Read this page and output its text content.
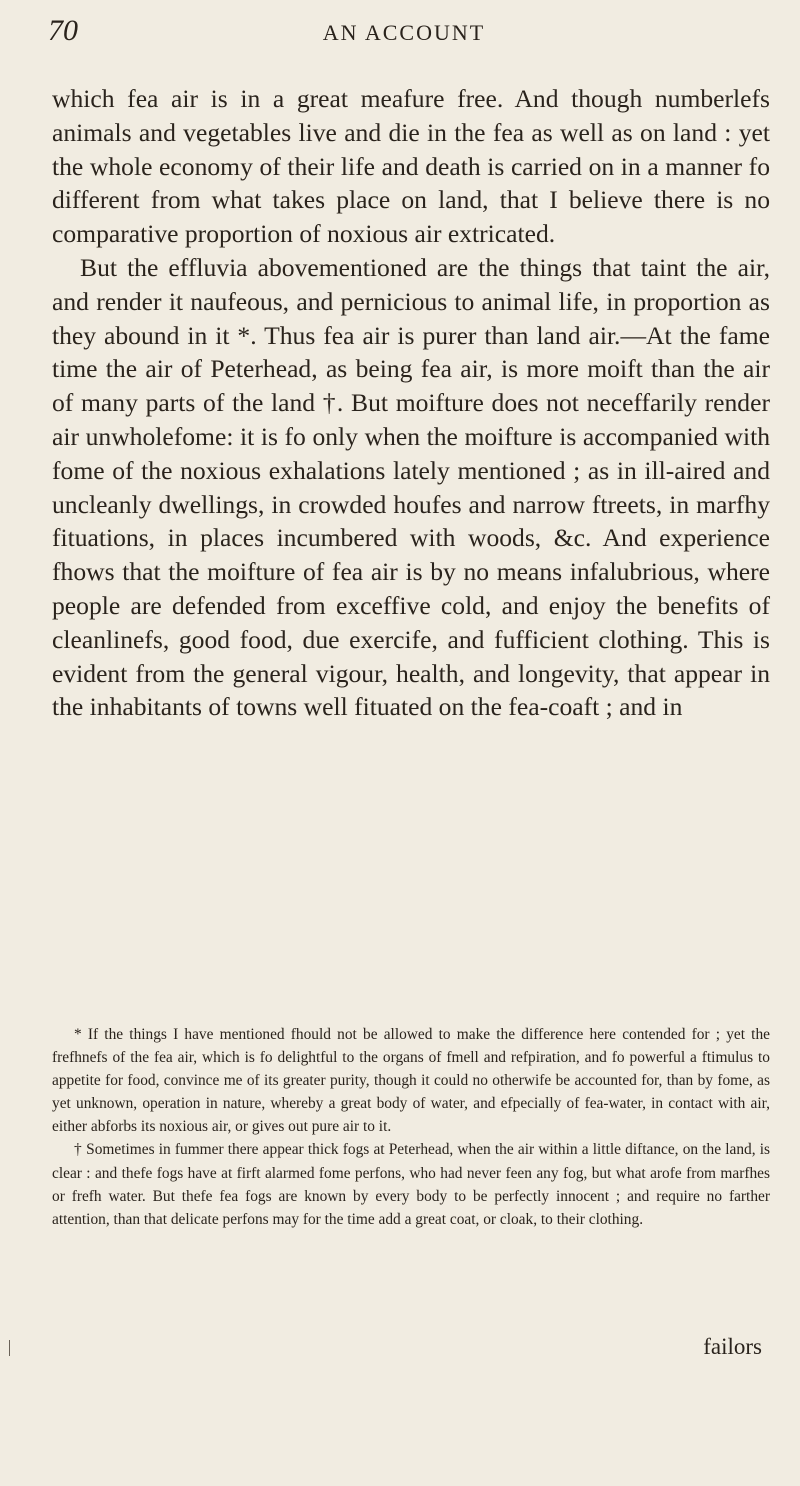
70	AN ACCOUNT

which fea air is in a great meafure free. And though numberlefs animals and vegetables live and die in the fea as well as on land : yet the whole economy of their life and death is carried on in a manner fo different from what takes place on land, that I believe there is no comparative proportion of noxious air extricated.

But the effluvia abovementioned are the things that taint the air, and render it naufeous, and pernicious to animal life, in proportion as they abound in it *. Thus fea air is purer than land air.—At the fame time the air of Peterhead, as being fea air, is more moift than the air of many parts of the land †. But moifture does not neceffarily render air unwholefome: it is fo only when the moifture is accompanied with fome of the noxious exhalations lately mentioned ; as in ill-aired and uncleanly dwellings, in crowded houfes and narrow ftreets, in marfhy fituations, in places incumbered with woods, &c. And experience fhows that the moifture of fea air is by no means infalubrious, where people are defended from exceffive cold, and enjoy the benefits of cleanlinefs, good food, due exercife, and fufficient clothing. This is evident from the general vigour, health, and longevity, that appear in the inhabitants of towns well fituated on the fea-coaft ; and in

* If the things I have mentioned fhould not be allowed to make the difference here contended for ; yet the frefhnefs of the fea air, which is fo delightful to the organs of fmell and refpiration, and fo powerful a ftimulus to appetite for food, convince me of its greater purity, though it could no otherwife be accounted for, than by fome, as yet unknown, operation in nature, whereby a great body of water, and efpecially of fea-water, in contact with air, either abforbs its noxious air, or gives out pure air to it.

† Sometimes in fummer there appear thick fogs at Peterhead, when the air within a little diftance, on the land, is clear : and thefe fogs have at firft alarmed fome perfons, who had never feen any fog, but what arofe from marfhes or frefh water. But thefe fea fogs are known by every body to be perfectly innocent ; and require no farther attention, than that delicate perfons may for the time add a great coat, or cloak, to their clothing.

failors
